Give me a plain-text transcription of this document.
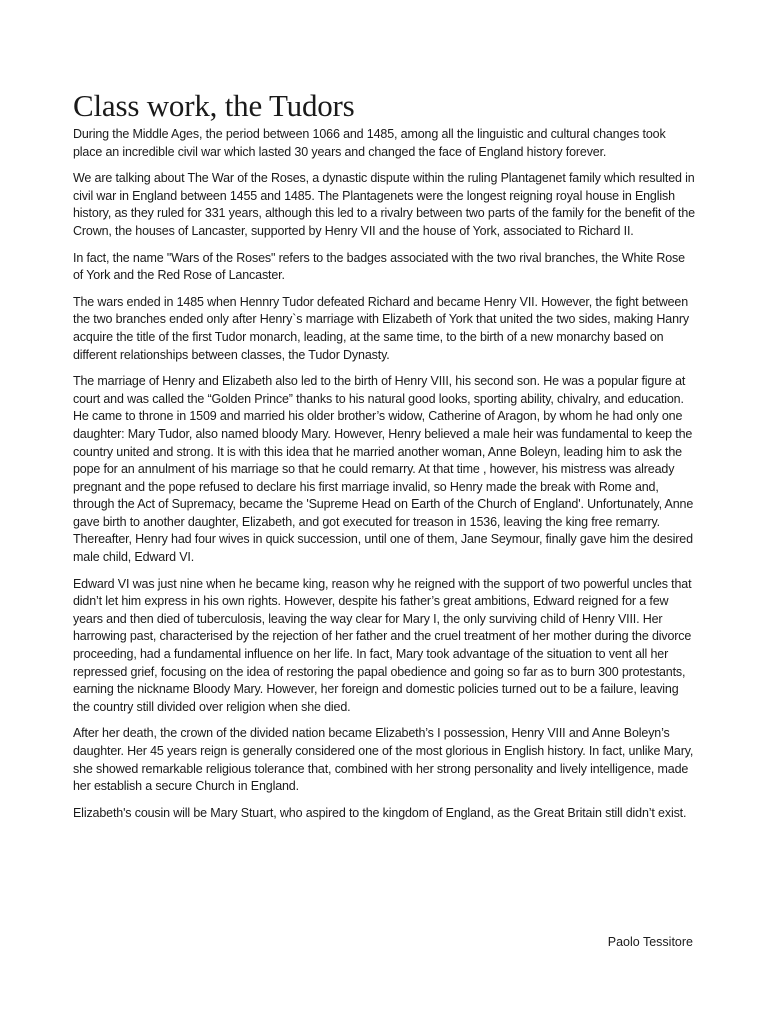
Class work, the Tudors

During the Middle Ages, the period between 1066 and 1485, among all the linguistic and cultural changes took place an incredible civil war which lasted 30 years and changed the face of England history forever.

We are talking about The War of the Roses, a dynastic dispute within the ruling Plantagenet family which resulted in civil war in England between 1455 and 1485. The Plantagenets were the longest reigning royal house in English history, as they ruled for 331 years, although this led to a rivalry between two parts of the family for the benefit of the Crown, the houses of Lancaster, supported by Henry VII and the house of York, associated to Richard II.

In fact, the name "Wars of the Roses" refers to the badges associated with the two rival branches, the White Rose of York and the Red Rose of Lancaster.

The wars ended in 1485 when Hennry Tudor defeated Richard and became Henry VII. However, the fight between the two branches ended only after Henry`s marriage with Elizabeth of York that united the two sides, making Hanry acquire the title of the first Tudor monarch, leading, at the same time, to the birth of a new monarchy based on different relationships between classes, the Tudor Dynasty.

The marriage of Henry and Elizabeth also led to the birth of Henry VIII, his second son. He was a popular figure at court and was called the “Golden Prince” thanks to his natural good looks, sporting ability, chivalry, and education. He came to throne in 1509 and married his older brother’s widow, Catherine of Aragon, by whom he had only one daughter: Mary Tudor, also named bloody Mary. However, Henry believed a male heir was fundamental to keep the country united and strong. It is with this idea that he married another woman, Anne Boleyn, leading him to ask the pope for an annulment of his marriage so that he could remarry. At that time , however, his mistress was already pregnant and the pope refused to declare his first marriage invalid, so Henry made the break with Rome and, through the Act of Supremacy, became the 'Supreme Head on Earth of the Church of England'. Unfortunately, Anne gave birth to another daughter, Elizabeth, and got executed for treason in 1536, leaving the king free remarry. Thereafter, Henry had four wives in quick succession, until one of them, Jane Seymour, finally gave him the desired male child, Edward VI.

Edward VI was just nine when he became king, reason why he reigned with the support of two powerful uncles that didn’t let him express in his own rights. However, despite his father’s great ambitions, Edward reigned for a few years and then died of tuberculosis, leaving the way clear for Mary I, the only surviving child of Henry VIII. Her harrowing past, characterised by the rejection of her father and the cruel treatment of her mother during the divorce proceeding, had a fundamental influence on her life. In fact, Mary took advantage of the situation to vent all her repressed grief, focusing on the idea of restoring the papal obedience and going so far as to burn 300 protestants, earning the nickname Bloody Mary. However, her foreign and domestic policies turned out to be a failure, leaving the country still divided over religion when she died.

After her death, the crown of the divided nation became Elizabeth’s I possession, Henry VIII and Anne Boleyn’s daughter. Her 45 years reign is generally considered one of the most glorious in English history. In fact, unlike Mary, she showed remarkable religious tolerance that, combined with her strong personality and lively intelligence, made her establish a secure Church in England.

Elizabeth's cousin will be Mary Stuart, who aspired to the kingdom of England, as the Great Britain still didn’t exist.

Paolo Tessitore
